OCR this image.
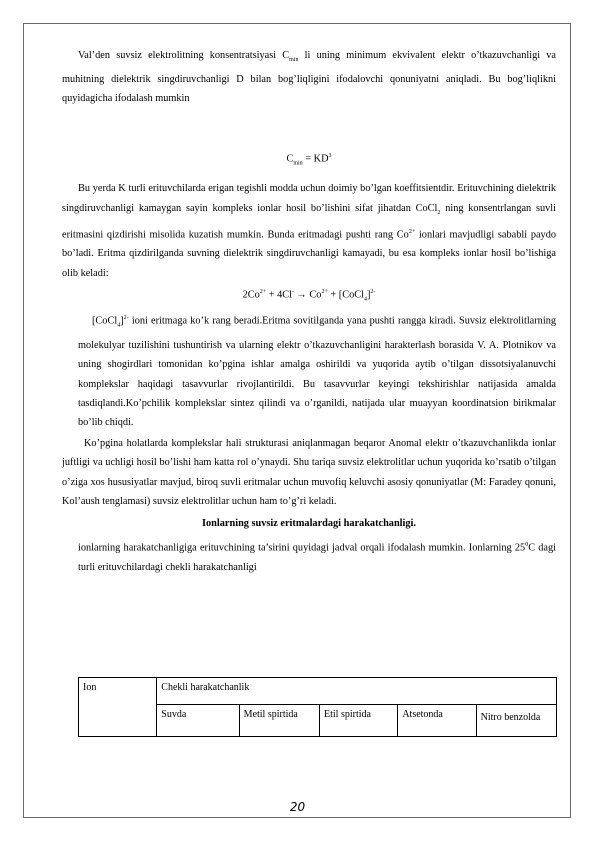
Val’den suvsiz elektrolitning konsentratsiyasi $C_{min}$ li uning minimum ekvivalent elektr o’tkazuvchanligi va muhitning dielektrik singdiruvchanligi D bilan bog’liqligini ifodalovchi qonuniyatni aniqladi. Bu bog’liqlikni quyidagicha ifodalash mumkin

$C_{min} = KD^3$

Bu yerda K turli erituvchilarda erigan tegishli modda uchun doimiy bo’lgan koeffitsientdir. Erituvchining dielektrik singdiruvchanligi kamaygan sayin kompleks ionlar hosil bo’lishini sifat jihatdan CoCl$_2$ ning konsentrlangan suvli eritmasini qizdirishi misolida kuzatish mumkin. Bunda eritmadagi pushti rang $Co^{2+}$ ionlari mavjudligi sababli paydo bo’ladi. Eritma qizdirilganda suvning dielektrik singdiruvchanligi kamayadi, bu esa kompleks ionlar hosil bo’lishiga olib keladi:

$2Co^{2+} + 4Cl^- \to Co^{2+}$ + [CoCl$_4$]$^{2-}$

[CoCl$_4$]$^{2-}$ ioni eritmaga ko’k rang beradi.Eritma sovitilganda yana pushti rangga kiradi. Suvsiz elektrolitlarning molekulyar tuzilishini tushuntirish va ularning elektr o’tkazuvchanligini harakterlash borasida V. A. Plotnikov va uning shogirdlari tomonidan ko’pgina ishlar amalga oshirildi va yuqorida aytib o’tilgan dissotsiyalanuvchi komplekslar haqidagi tasavvurlar rivojlantirildi. Bu tasavvurlar keyingi tekshirishlar natijasida amalda tasdiqlandi.Ko’pchilik komplekslar sintez qilindi va o’rganildi, natijada ular muayyan koordinatsion birikmalar bo’lib chiqdi.

Ko’pgina holatlarda komplekslar hali strukturasi aniqlanmagan beqaror Anomal elektr o’tkazuvchanlikda ionlar juftligi va uchligi hosil bo’lishi ham katta rol o’ynaydi. Shu tariqa suvsiz elektrolitlar uchun yuqorida ko’rsatib o’tilgan o’ziga xos hususiyatlar mavjud, biroq suvli eritmalar uchun muvofiq keluvchi asosiy qonuniyatlar (M: Faradey qonuni, Kol’aush tenglamasi) suvsiz elektrolitlar uchun ham to’g’ri keladi.

Ionlarning suvsiz eritmalardagi harakatchanligi.

ionlarning harakatchanligiga erituvchining ta’sirini quyidagi jadval orqali ifodalash mumkin. Ionlarning $25^0C$ dagi turli erituvchilardagi chekli harakatchanligi

Ion	Chekli harakatchanlik				
	Suvda	Metil spirtida	Etil spirtida	Atsetonda	Nitro benzolda
20
